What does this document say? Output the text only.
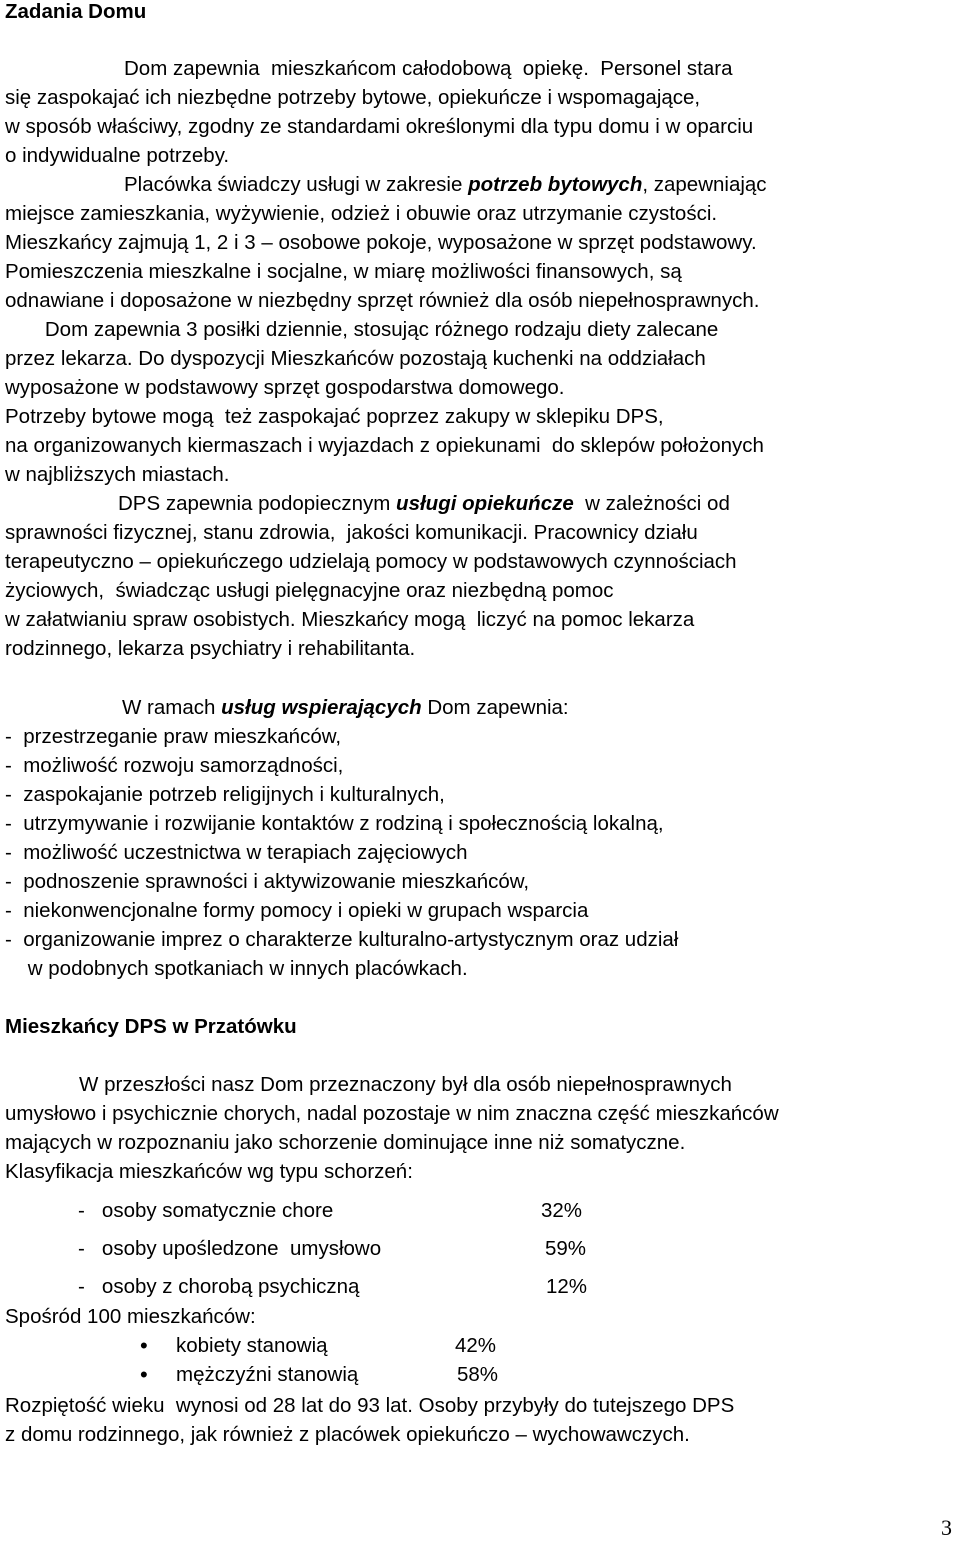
Zadania Domu
Dom zapewnia  mieszkańcom całodobową  opiekę.  Personel stara
się zaspokajać ich niezbędne potrzeby bytowe, opiekuńcze i wspomagające,
w sposób właściwy, zgodny ze standardami określonymi dla typu domu i w oparciu
o indywidualne potrzeby.
Placówka świadczy usługi w zakresie potrzeb bytowych, zapewniając
miejsce zamieszkania, wyżywienie, odzież i obuwie oraz utrzymanie czystości.
Mieszkańcy zajmują 1, 2 i 3 – osobowe pokoje, wyposażone w sprzęt podstawowy.
Pomieszczenia mieszkalne i socjalne, w miarę możliwości finansowych, są
odnawiane i doposażone w niezbędny sprzęt również dla osób niepełnosprawnych.
Dom zapewnia 3 posiłki dziennie, stosując różnego rodzaju diety zalecane
przez lekarza. Do dyspozycji Mieszkańców pozostają kuchenki na oddziałach
wyposażone w podstawowy sprzęt gospodarstwa domowego.
Potrzeby bytowe mogą  też zaspokajać poprzez zakupy w sklepiku DPS,
na organizowanych kiermaszach i wyjazdach z opiekunami  do sklepów położonych
w najbliższych miastach.
DPS zapewnia podopiecznym usługi opiekuńcze  w zależności od
sprawności fizycznej, stanu zdrowia,  jakości komunikacji. Pracownicy działu
terapeutyczno – opiekuńczego udzielają pomocy w podstawowych czynnościach
życiowych,  świadcząc usługi pielęgnacyjne oraz niezbędną pomoc
w załatwianiu spraw osobistych. Mieszkańcy mogą  liczyć na pomoc lekarza
rodzinnego, lekarza psychiatry i rehabilitanta.
W ramach usług wspierających Dom zapewnia:
-  przestrzeganie praw mieszkańców,
-  możliwość rozwoju samorządności,
-  zaspokajanie potrzeb religijnych i kulturalnych,
-  utrzymywanie i rozwijanie kontaktów z rodziną i społecznością lokalną,
-  możliwość uczestnictwa w terapiach zajęciowych
-  podnoszenie sprawności i aktywizowanie mieszkańców,
-  niekonwencjonalne formy pomocy i opieki w grupach wsparcia
-  organizowanie imprez o charakterze kulturalno-artystycznym oraz udział
w podobnych spotkaniach w innych placówkach.
Mieszkańcy DPS w Przatówku
W przeszłości nasz Dom przeznaczony był dla osób niepełnosprawnych
umysłowo i psychicznie chorych, nadal pozostaje w nim znaczna część mieszkańców
mających w rozpoznaniu jako schorzenie dominujące inne niż somatyczne.
Klasyfikacja mieszkańców wg typu schorzeń:
-   osoby somatycznie chore	32%
-   osoby upośledzone  umysłowo	59%
-   osoby z chorobą psychiczną	12%
Spośród 100 mieszkańców:
• kobiety stanowią	42%
• mężczyźni stanowią	58%
Rozpiętość wieku  wynosi od 28 lat do 93 lat. Osoby przybyły do tutejszego DPS
z domu rodzinnego, jak również z placówek opiekuńczo – wychowawczych.
3
